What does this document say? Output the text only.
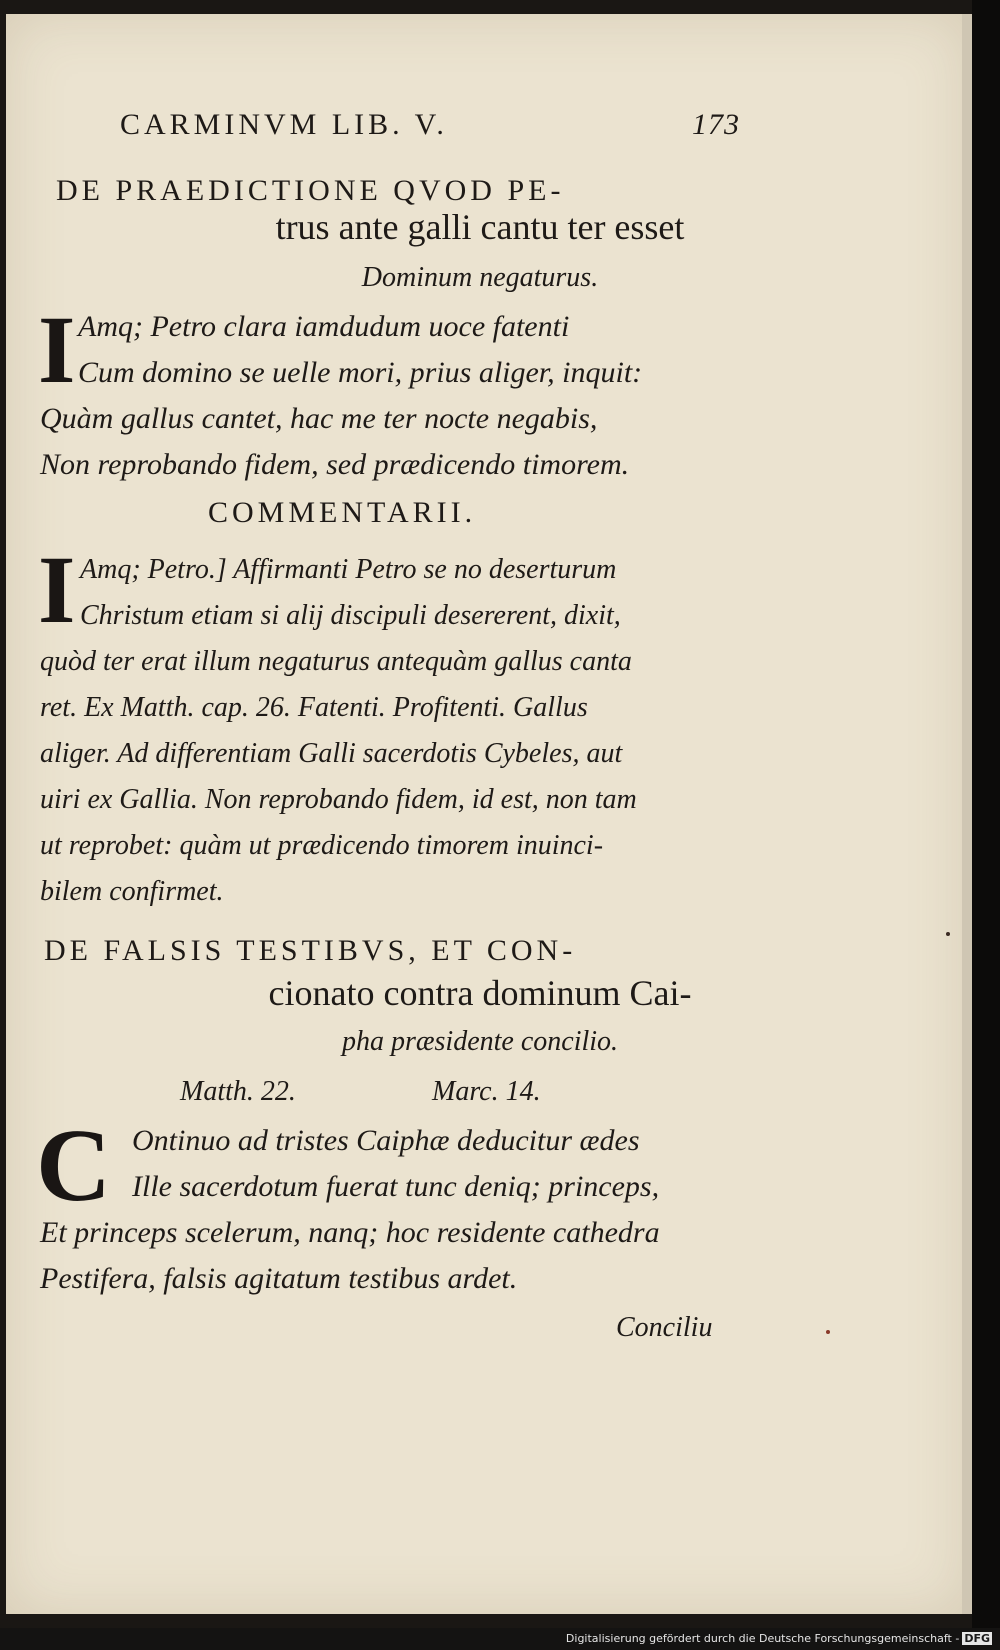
Digitalisierung gefördert durch die Deutsche Forschungsgemeinschaft - DFG
CARMINVM LIB. V.	173
DE PRAEDICTIONE QVOD PE-
trus ante galli cantu ter esset
Dominum negaturus.
I Amq; Petro clara iamdudum uoce fatenti
Cum domino se uelle mori, prius aliger, inquit:
Quàm gallus cantet, hac me ter nocte negabis,
Non reprobando fidem, sed prædicendo timorem.
COMMENTARII.
I Amq; Petro.] Affirmanti Petro se no deserturum
Christum etiam si alij discipuli desererent, dixit,
quòd ter erat illum negaturus antequàm gallus canta
ret. Ex Matth. cap. 26. Fatenti. Profitenti. Gallus
aliger. Ad differentiam Galli sacerdotis Cybeles, aut
uiri ex Gallia. Non reprobando fidem, id est, non tam
ut reprobet: quàm ut prædicendo timorem inuinci-
bilem confirmet.
DE FALSIS TESTIBVS, ET CON-
cionato contra dominum Cai-
pha præsidente concilio.
Matth. 22.	Marc. 14.
C Ontinuo ad tristes Caiphæ deducitur ædes
Ille sacerdotum fuerat tunc deniq; princeps,
Et princeps scelerum, nanq; hoc residente cathedra
Pestifera, falsis agitatum testibus ardet.
Conciliu
